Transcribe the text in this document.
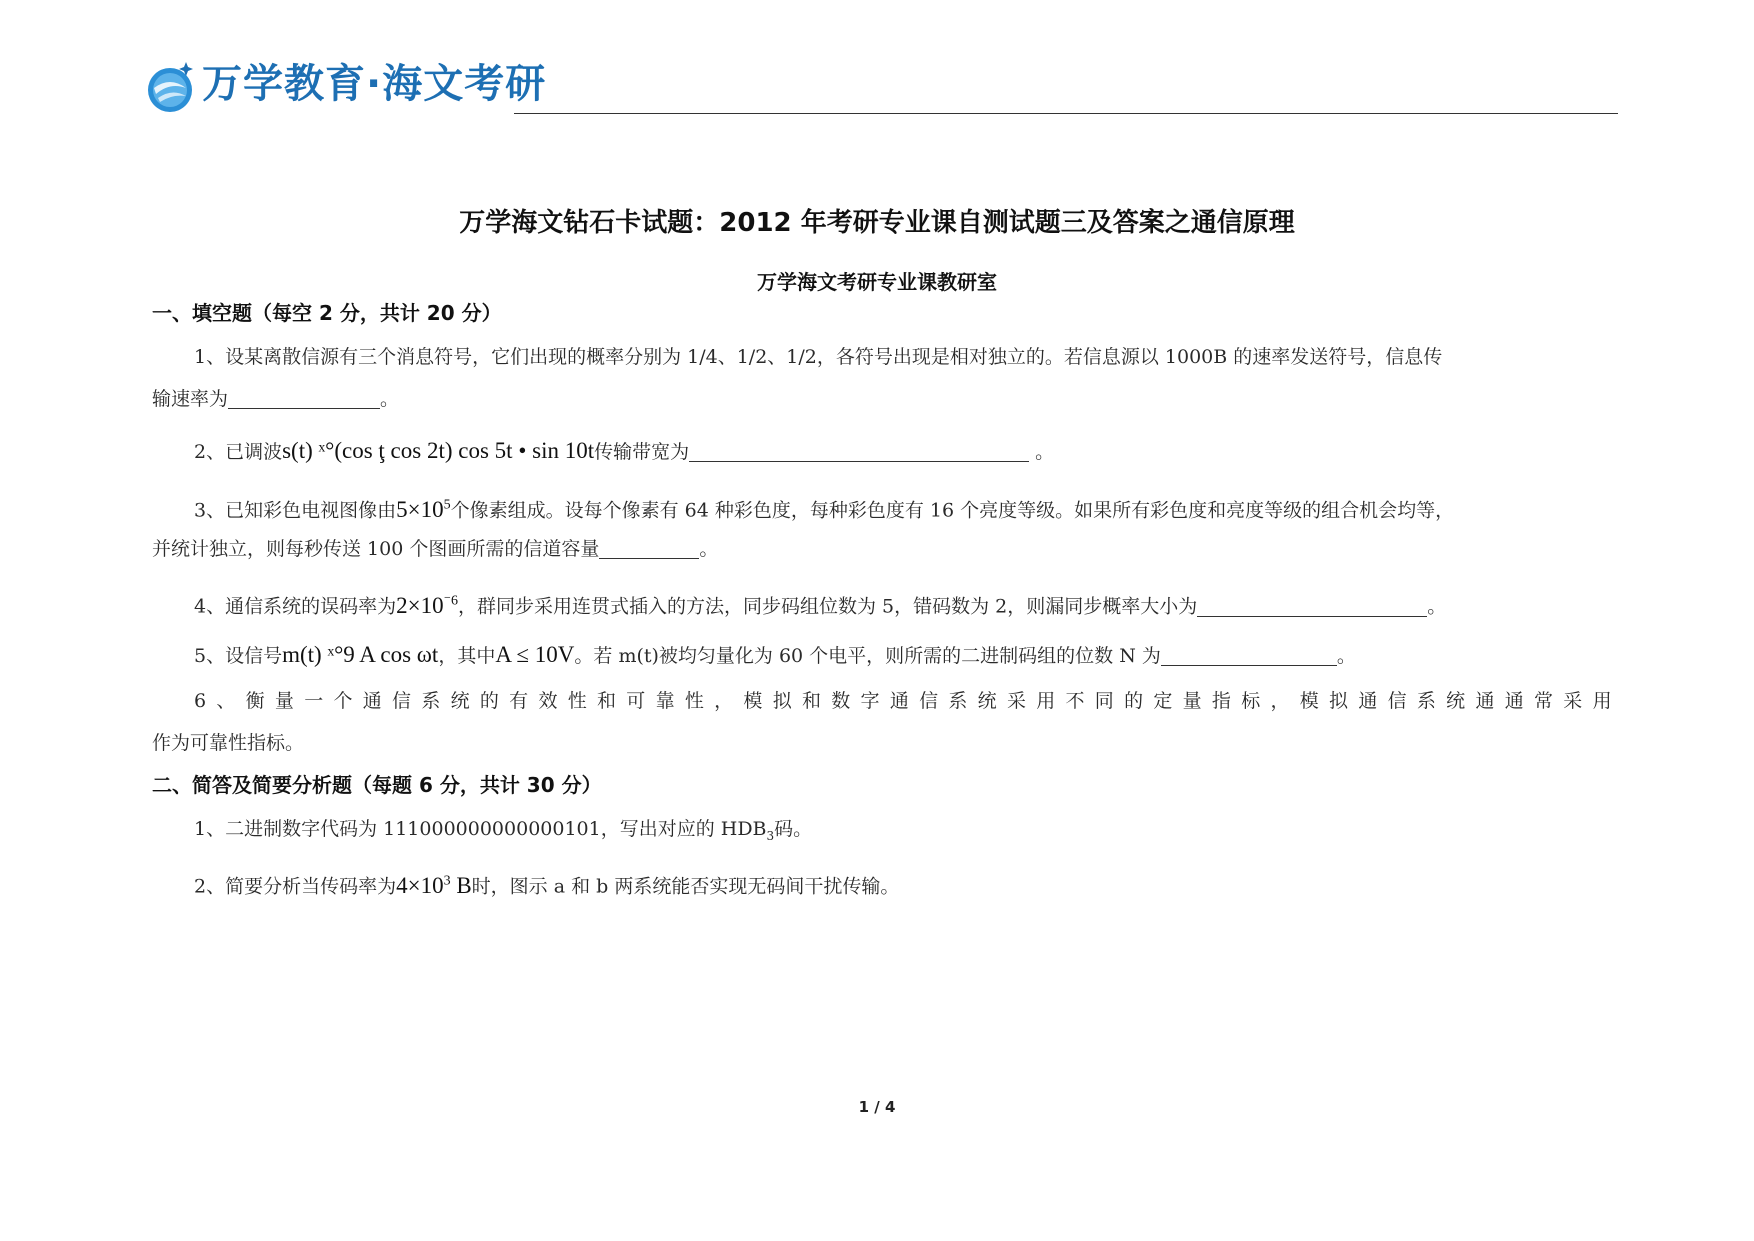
万学教育·海文考研
万学海文钻石卡试题：2012 年考研专业课自测试题三及答案之通信原理
万学海文考研专业课教研室
一、填空题（每空 2 分，共计 20 分）
1、设某离散信源有三个消息符号，它们出现的概率分别为 1/4、1/2、1/2，各符号出现是相对独立的。若信息源以 1000B 的速率发送符号，信息传
输速率为	。
2、已调波s(t) ˣ°(cos ţ cos 2t) cos 5t • sin 10t传输带宽为	。
3、已知彩色电视图像由$5\times 10^5$个像素组成。设每个像素有 64 种彩色度，每种彩色度有 16 个亮度等级。如果所有彩色度和亮度等级的组合机会均等，
并统计独立，则每秒传送 100 个图画所需的信道容量	。
4、通信系统的误码率为$2\times 10^{^-6}$，群同步采用连贯式插入的方法，同步码组位数为 5，错码数为 2，则漏同步概率大小为	。
5、设信号m(t) ˣ°9 A cos ωt，其中A ≤ 10V。若 m(t)被均匀量化为 60 个电平，则所需的二进制码组的位数 N 为	。
6 、 衡 量 一 个 通 信 系 统 的 有 效 性 和 可 靠 性 ， 模 拟 和 数 字 通 信 系 统 采 用 不 同 的 定 量 指 标 ， 模 拟 通 信 系 统 通 通 常 采 用
作为可靠性指标。
二、简答及简要分析题（每题 6 分，共计 30 分）
1、二进制数字代码为 111000000000000101，写出对应的 $HDB_3$码。
2、简要分析当传码率为$4\times 10^3$ B时，图示 a 和 b 两系统能否实现无码间干扰传输。
1 / 4
